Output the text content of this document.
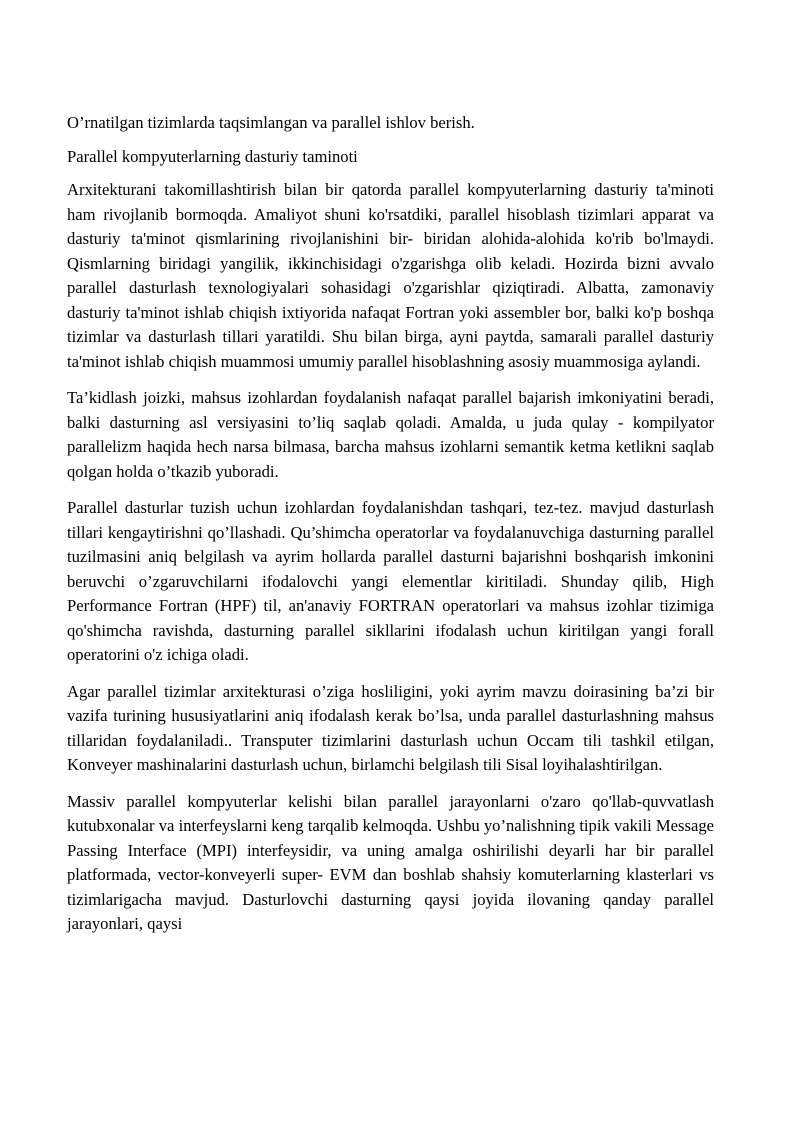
O’rnatilgan tizimlarda taqsimlangan va parallel ishlov berish.

Parallel kompyuterlarning dasturiy taminoti

Arxitekturani takomillashtirish bilan bir qatorda parallel kompyuterlarning dasturiy ta'minoti ham rivojlanib bormoqda. Amaliyot shuni ko'rsatdiki, parallel hisoblash tizimlari apparat va dasturiy ta'minot qismlarining rivojlanishini bir- biridan alohida-alohida ko'rib bo'lmaydi. Qismlarning biridagi yangilik, ikkinchisidagi o'zgarishga olib keladi. Hozirda bizni avvalo parallel dasturlash texnologiyalari sohasidagi o'zgarishlar qiziqtiradi. Albatta, zamonaviy dasturiy ta'minot ishlab chiqish ixtiyorida nafaqat Fortran yoki assembler bor, balki ko'p boshqa tizimlar va dasturlash tillari yaratildi. Shu bilan birga, ayni paytda, samarali parallel dasturiy ta'minot ishlab chiqish muammosi umumiy parallel hisoblashning asosiy muammosiga aylandi.

Ta’kidlash joizki, mahsus izohlardan foydalanish nafaqat parallel bajarish imkoniyatini beradi, balki dasturning asl versiyasini to’liq saqlab qoladi. Amalda, u juda qulay - kompilyator parallelizm haqida hech narsa bilmasa, barcha mahsus izohlarni semantik ketma ketlikni saqlab qolgan holda o’tkazib yuboradi.

Parallel dasturlar tuzish uchun izohlardan foydalanishdan tashqari, tez-tez. mavjud dasturlash tillari kengaytirishni qo’llashadi. Qu’shimcha operatorlar va foydalanuvchiga dasturning parallel tuzilmasini aniq belgilash va ayrim hollarda parallel dasturni bajarishni boshqarish imkonini beruvchi o’zgaruvchilarni ifodalovchi yangi elementlar kiritiladi. Shunday qilib, High Performance Fortran (HPF) til, an'anaviy FORTRAN operatorlari va mahsus izohlar tizimiga qo'shimcha ravishda, dasturning parallel sikllarini ifodalash uchun kiritilgan yangi forall operatorini o'z ichiga oladi.

Agar parallel tizimlar arxitekturasi o’ziga hosliligini, yoki ayrim mavzu doirasining ba’zi bir vazifa turining hususiyatlarini aniq ifodalash kerak bo’lsa, unda parallel dasturlashning mahsus tillaridan foydalaniladi.. Transputer tizimlarini dasturlash uchun Occam tili tashkil etilgan, Konveyer mashinalarini dasturlash uchun, birlamchi belgilash tili Sisal loyihalashtirilgan.

Massiv parallel kompyuterlar kelishi bilan parallel jarayonlarni o'zaro qo'llab-quvvatlash kutubxonalar va interfeyslarni keng tarqalib kelmoqda. Ushbu yo’nalishning tipik vakili Message Passing Interface (MPI) interfeysidir, va uning amalga oshirilishi deyarli har bir parallel platformada, vector-konveyerli super- EVM dan boshlab shahsiy komuterlarning klasterlari vs tizimlarigacha mavjud. Dasturlovchi dasturning qaysi joyida ilovaning qanday parallel jarayonlari, qaysi
